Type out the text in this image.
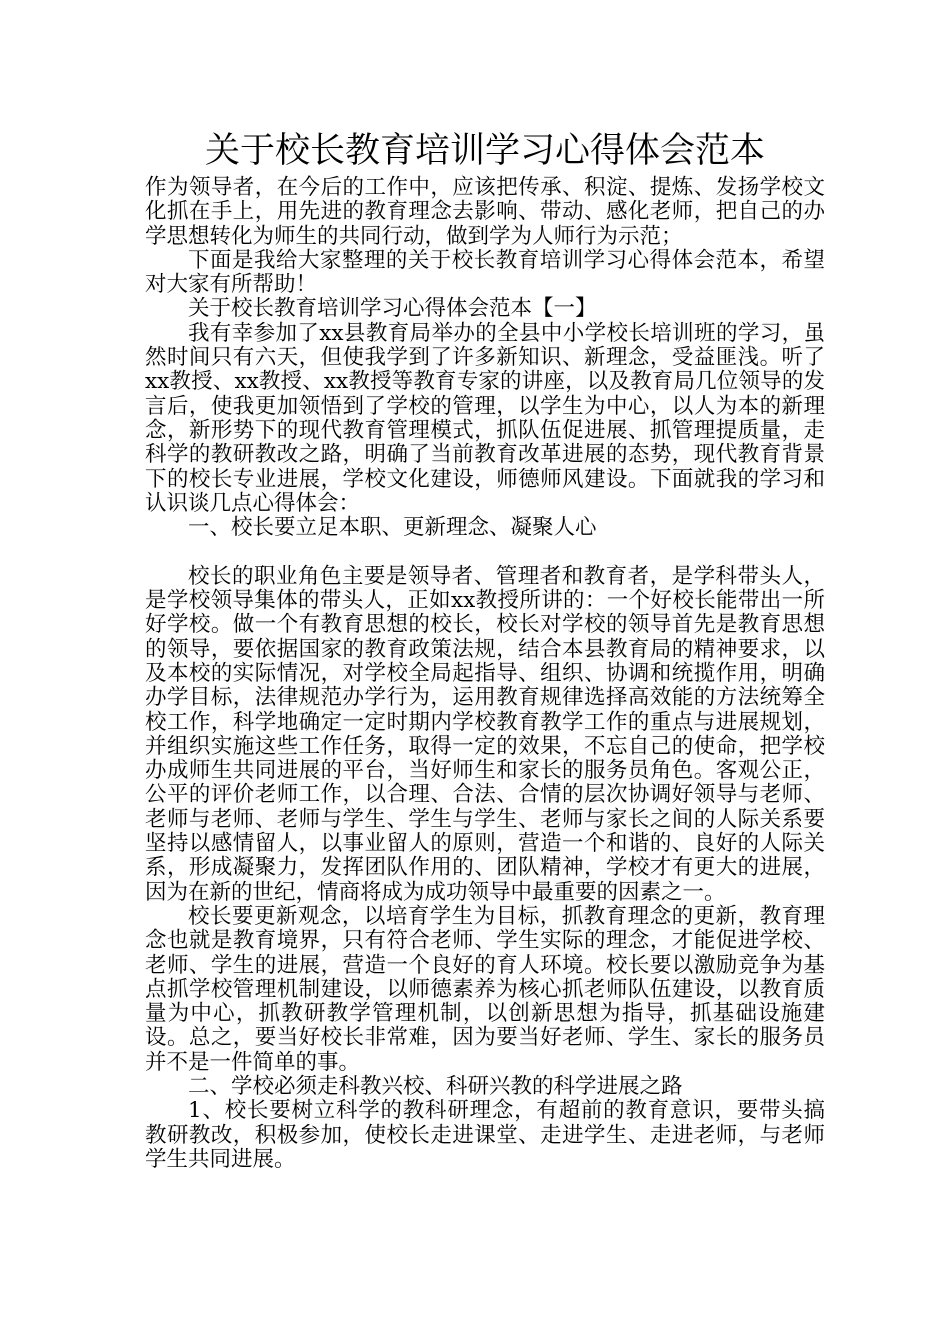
关于校长教育培训学习心得体会范本

作为领导者，在今后的工作中，应该把传承、积淀、提炼、发扬学校文化抓在手上，用先进的教育理念去影响、带动、感化老师，把自己的办学思想转化为师生的共同行动，做到学为人师行为示范；

下面是我给大家整理的关于校长教育培训学习心得体会范本，希望对大家有所帮助！

关于校长教育培训学习心得体会范本【一】

我有幸参加了xx县教育局举办的全县中小学校长培训班的学习，虽然时间只有六天，但使我学到了许多新知识、新理念，受益匪浅。听了xx教授、xx教授、xx教授等教育专家的讲座，以及教育局几位领导的发言后，使我更加领悟到了学校的管理，以学生为中心，以人为本的新理念，新形势下的现代教育管理模式，抓队伍促进展、抓管理提质量，走科学的教研教改之路，明确了当前教育改革进展的态势，现代教育背景下的校长专业进展，学校文化建设，师德师风建设。下面就我的学习和认识谈几点心得体会：

一、校长要立足本职、更新理念、凝聚人心

校长的职业角色主要是领导者、管理者和教育者，是学科带头人，是学校领导集体的带头人，正如xx教授所讲的：一个好校长能带出一所好学校。做一个有教育思想的校长，校长对学校的领导首先是教育思想的领导，要依据国家的教育政策法规，结合本县教育局的精神要求，以及本校的实际情况，对学校全局起指导、组织、协调和统揽作用，明确办学目标，法律规范办学行为，运用教育规律选择高效能的方法统筹全校工作，科学地确定一定时期内学校教育教学工作的重点与进展规划，并组织实施这些工作任务，取得一定的效果，不忘自己的使命，把学校办成师生共同进展的平台，当好师生和家长的服务员角色。客观公正，公平的评价老师工作，以合理、合法、合情的层次协调好领导与老师、老师与老师、老师与学生、学生与学生、老师与家长之间的人际关系要坚持以感情留人，以事业留人的原则，营造一个和谐的、良好的人际关系，形成凝聚力，发挥团队作用的、团队精神，学校才有更大的进展，因为在新的世纪，情商将成为成功领导中最重要的因素之一。

校长要更新观念，以培育学生为目标，抓教育理念的更新，教育理念也就是教育境界，只有符合老师、学生实际的理念，才能促进学校、老师、学生的进展，营造一个良好的育人环境。校长要以激励竞争为基点抓学校管理机制建设，以师德素养为核心抓老师队伍建设，以教育质量为中心，抓教研教学管理机制，以创新思想为指导，抓基础设施建设。总之，要当好校长非常难，因为要当好老师、学生、家长的服务员并不是一件简单的事。

二、学校必须走科教兴校、科研兴教的科学进展之路

1、校长要树立科学的教科研理念，有超前的教育意识，要带头搞教研教改，积极参加，使校长走进课堂、走进学生、走进老师，与老师学生共同进展。
